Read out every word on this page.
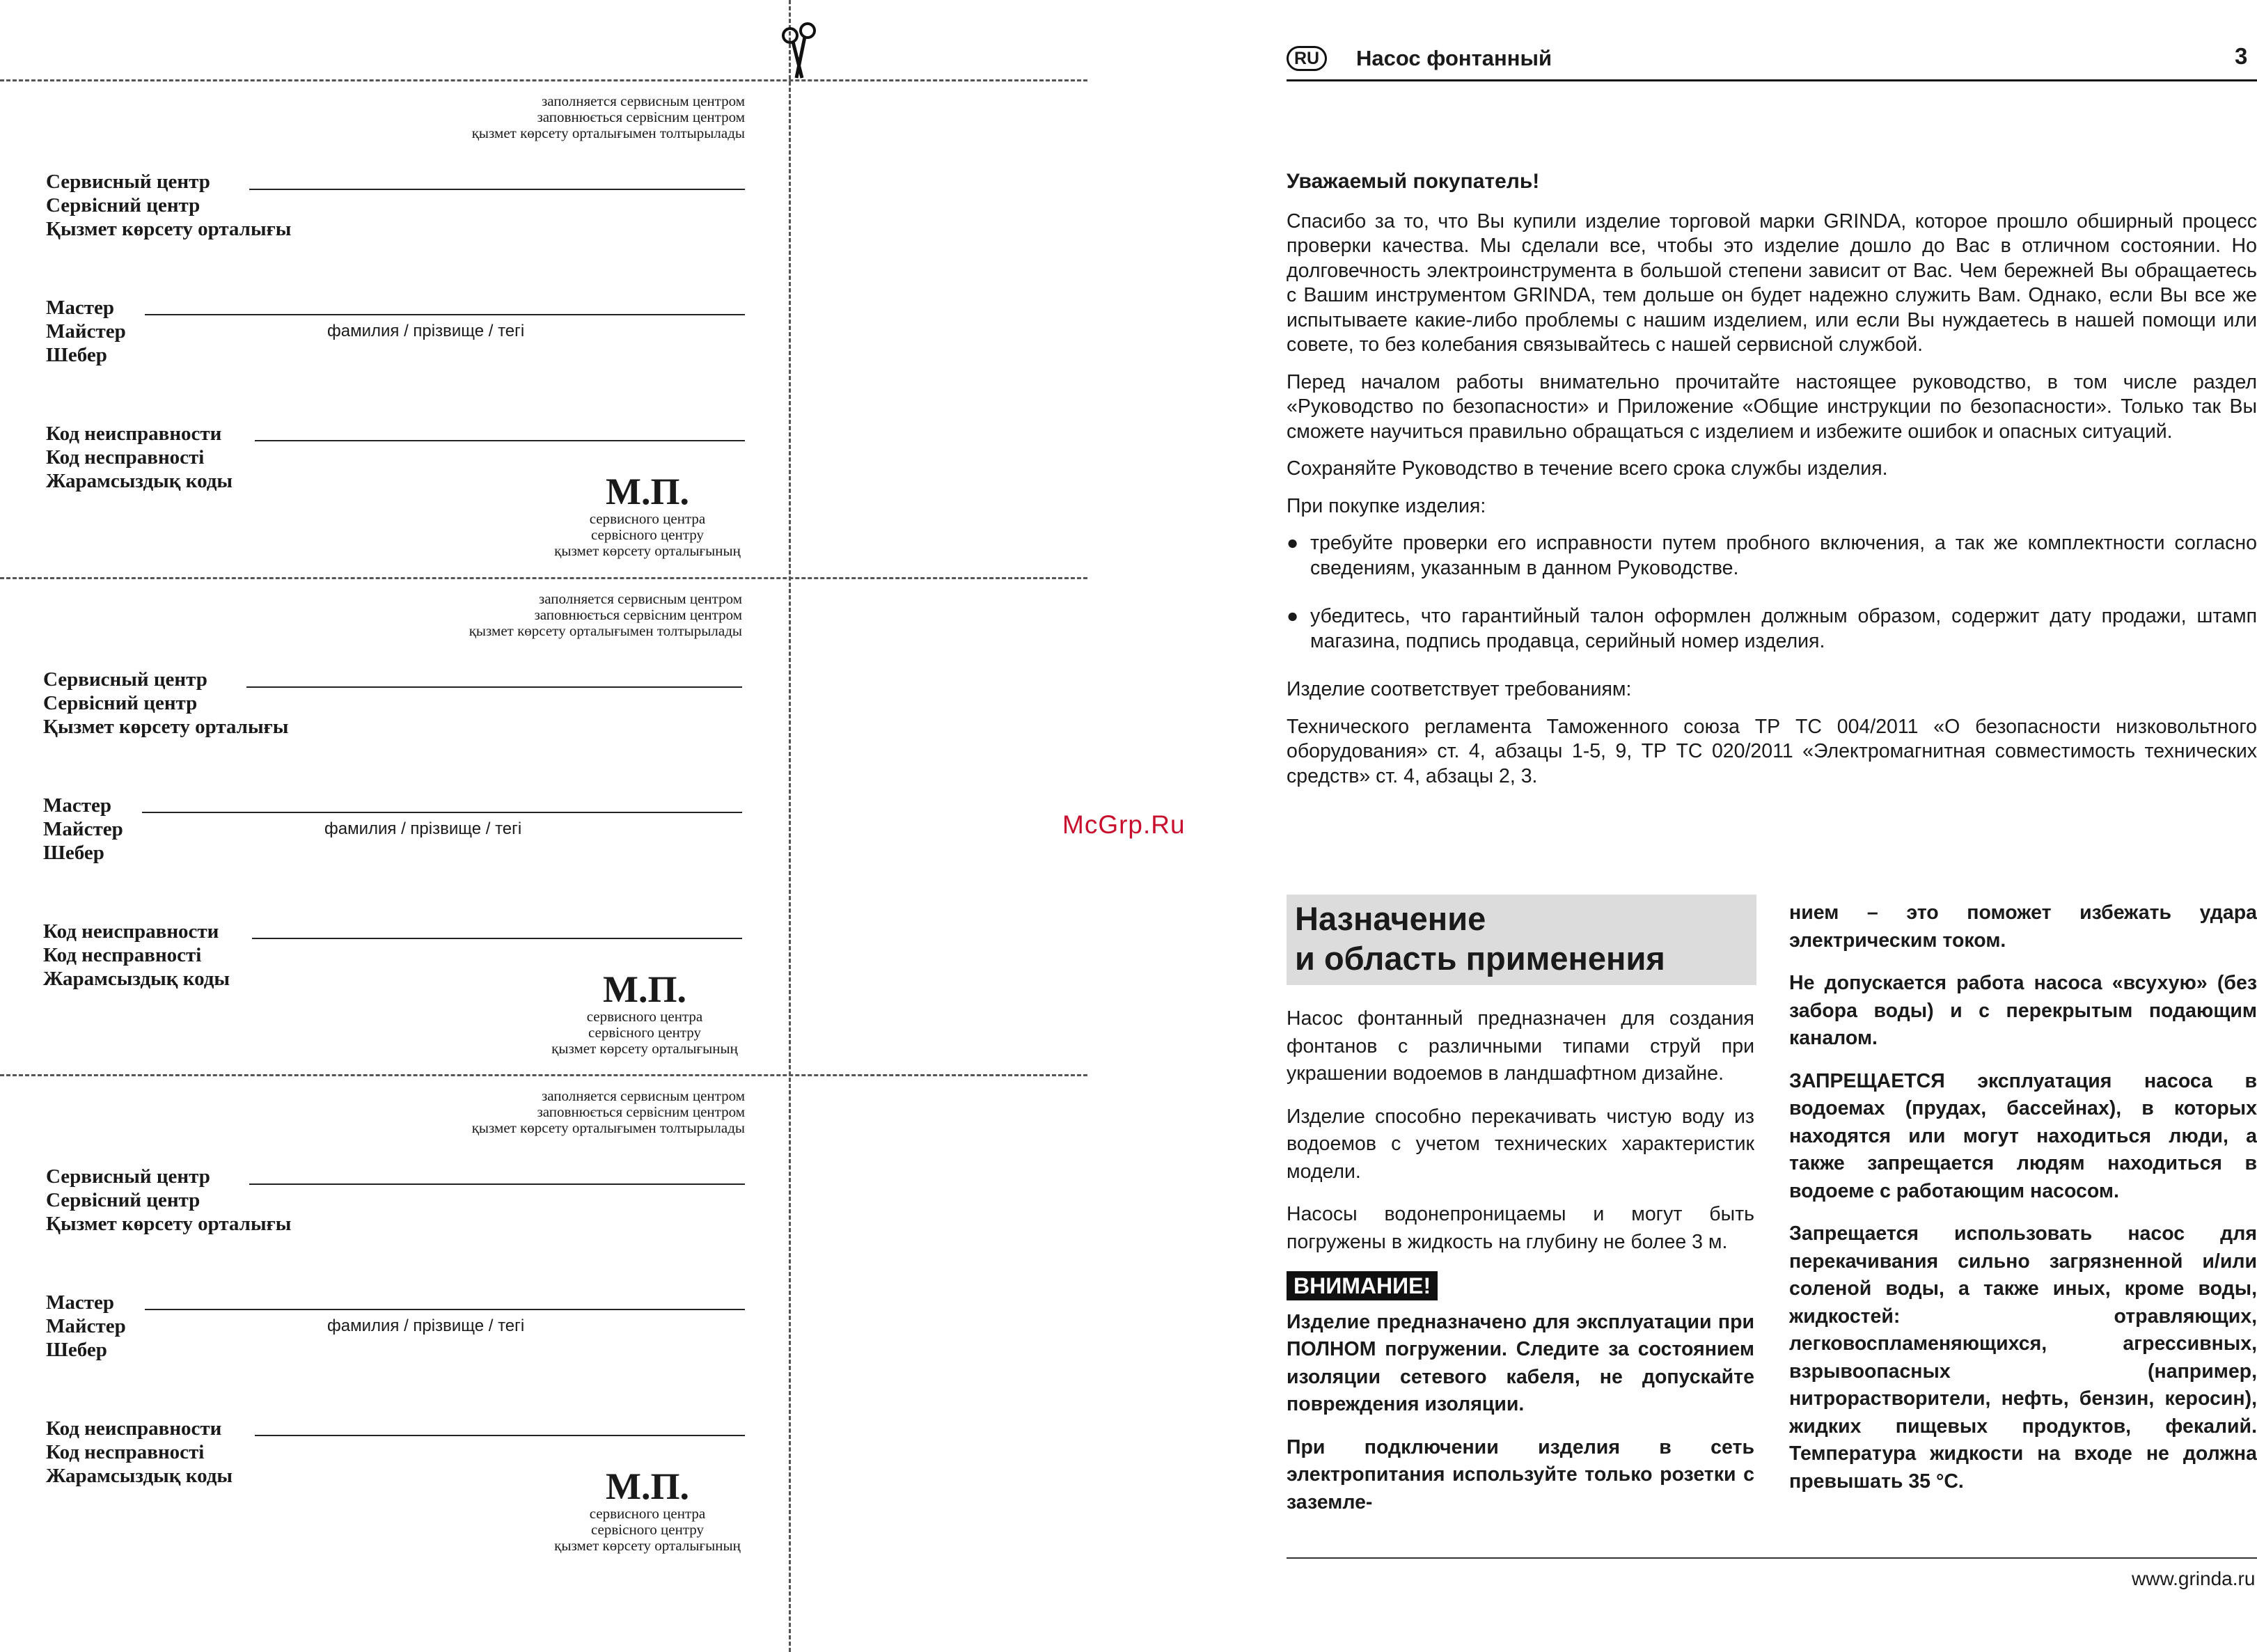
заполняется сервисным центром
заповнюється сервісним центром
қызмет көрсету орталығымен толтырылады
Сервисный центр
Сервісний центр
Қызмет көрсету орталығы
Мастер
Майстер
Шебер
фамилия / прізвище / тегі
Код неисправности
Код несправності
Жарамсыздық коды	М.П.
сервисного центра
сервісного центру
қызмет көрсету орталығының
заполняется сервисным центром
заповнюється сервісним центром
қызмет көрсету орталығымен толтырылады
Сервисный центр
Сервісний центр
Қызмет көрсету орталығы
Мастер
Майстер
Шебер
фамилия / прізвище / тегі
Код неисправности
Код несправності
Жарамсыздық коды	М.П.
сервисного центра
сервісного центру
қызмет көрсету орталығының
заполняется сервисным центром
заповнюється сервісним центром
қызмет көрсету орталығымен толтырылады
Сервисный центр
Сервісний центр
Қызмет көрсету орталығы
Мастер
Майстер
Шебер
фамилия / прізвище / тегі
Код неисправности
Код несправності
Жарамсыздық коды	М.П.
сервисного центра
сервісного центру
қызмет көрсету орталығының
McGrp.Ru
RU	Насос фонтанный	3

Уважаемый покупатель!

Спасибо за то, что Вы купили изделие торговой марки GRINDA, которое прошло обширный процесс проверки качества. Мы сделали все, чтобы это изделие дошло до Вас в отличном состоянии. Но долговечность электроинструмента в большой степени зависит от Вас. Чем бережней Вы обращаетесь с Вашим инструментом GRINDA, тем дольше он будет надежно служить Вам. Однако, если Вы все же испытываете какие-либо проблемы с нашим изделием, или если Вы нуждаетесь в нашей помощи или совете, то без колебания связывайтесь с нашей сервисной службой.

Перед началом работы внимательно прочитайте настоящее руководство, в том числе раздел «Руководство по безопасности» и Приложение «Общие инструкции по безопасности». Только так Вы сможете научиться правильно обращаться с изделием и избежите ошибок и опасных ситуаций.

Сохраняйте Руководство в течение всего срока службы изделия.

При покупке изделия:

● требуйте проверки его исправности путем пробного включения, а так же комплектности согласно сведениям, указанным в данном Руководстве.

● убедитесь, что гарантийный талон оформлен должным образом, содержит дату продажи, штамп магазина, подпись продавца, серийный номер изделия.

Изделие соответствует требованиям:

Технического регламента Таможенного союза ТР ТС 004/2011 «О безопасности низковольтного оборудования» ст. 4, абзацы 1-5, 9, ТР ТС 020/2011 «Электромагнитная совместимость технических средств» ст. 4, абзацы 2, 3.

Назначение
и область применения

Насос фонтанный предназначен для создания фонтанов с различными типами струй при украшении водоемов в ландшафтном дизайне.

Изделие способно перекачивать чистую воду из водоемов с учетом технических характеристик модели.

Насосы водонепроницаемы и могут быть погружены в жидкость на глубину не более 3 м.

ВНИМАНИЕ!

Изделие предназначено для эксплуатации при ПОЛНОМ погружении. Следите за состоянием изоляции сетевого кабеля, не допускайте повреждения изоляции.

При подключении изделия в сеть электропитания используйте только розетки с заземле-

нием – это поможет избежать удара электрическим током.

Не допускается работа насоса «всухую» (без забора воды) и с перекрытым подающим каналом.

ЗАПРЕЩАЕТСЯ эксплуатация насоса в водоемах (прудах, бассейнах), в которых находятся или могут находиться люди, а также запрещается людям находиться в водоеме с работающим насосом.

Запрещается использовать насос для перекачивания сильно загрязненной и/или соленой воды, а также иных, кроме воды, жидкостей: отравляющих, легковоспламеняющихся, агрессивных, взрывоопасных (например, нитрорастворители, нефть, бензин, керосин), жидких пищевых продуктов, фекалий. Температура жидкости на входе не должна превышать 35 °С.

www.grinda.ru
